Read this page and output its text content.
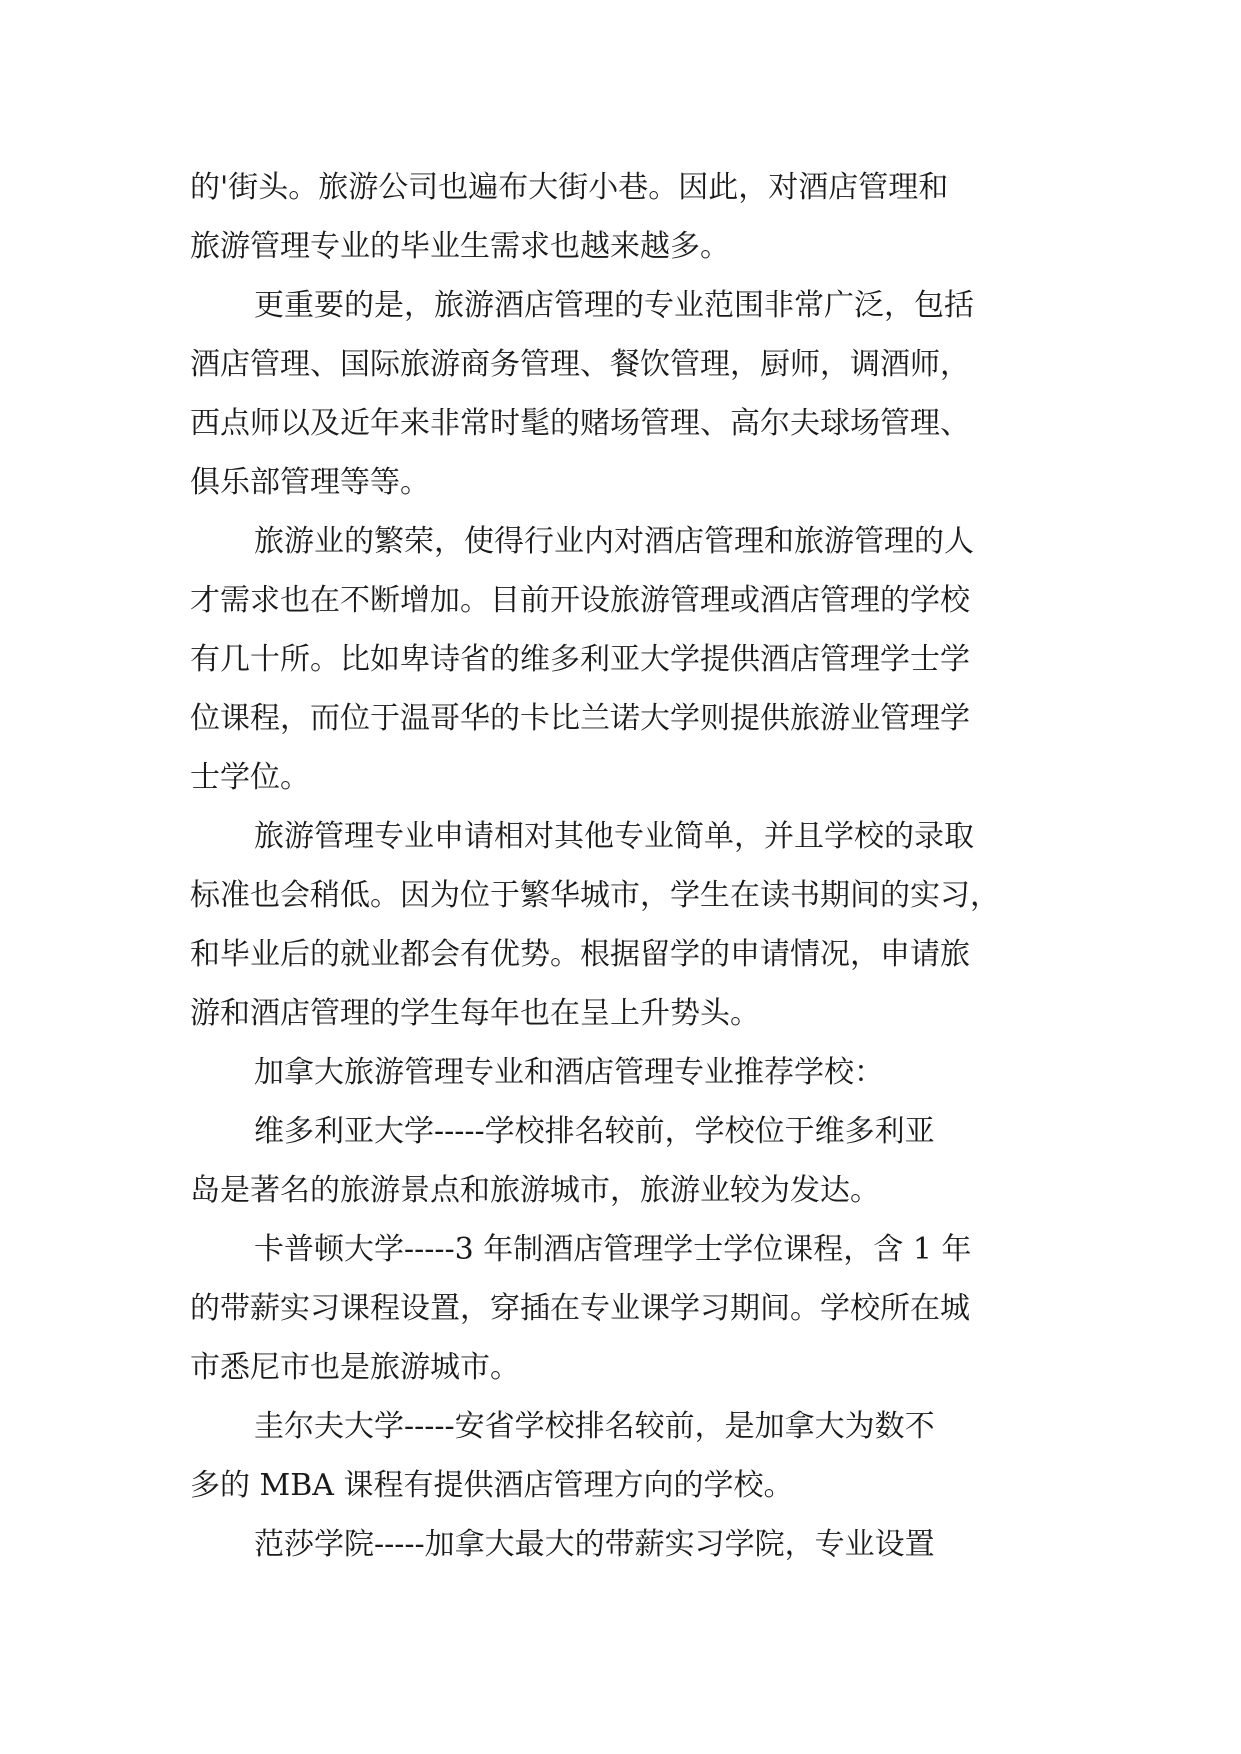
的'街头。旅游公司也遍布大街小巷。因此，对酒店管理和
旅游管理专业的毕业生需求也越来越多。
更重要的是，旅游酒店管理的专业范围非常广泛，包括
酒店管理、国际旅游商务管理、餐饮管理，厨师，调酒师，
西点师以及近年来非常时髦的赌场管理、高尔夫球场管理、
俱乐部管理等等。
旅游业的繁荣，使得行业内对酒店管理和旅游管理的人
才需求也在不断增加。目前开设旅游管理或酒店管理的学校
有几十所。比如卑诗省的维多利亚大学提供酒店管理学士学
位课程，而位于温哥华的卡比兰诺大学则提供旅游业管理学
士学位。
旅游管理专业申请相对其他专业简单，并且学校的录取
标准也会稍低。因为位于繁华城市，学生在读书期间的实习，
和毕业后的就业都会有优势。根据留学的申请情况，申请旅
游和酒店管理的学生每年也在呈上升势头。
加拿大旅游管理专业和酒店管理专业推荐学校：
维多利亚大学-----学校排名较前，学校位于维多利亚
岛是著名的旅游景点和旅游城市，旅游业较为发达。
卡普顿大学-----3 年制酒店管理学士学位课程，含 1 年
的带薪实习课程设置，穿插在专业课学习期间。学校所在城
市悉尼市也是旅游城市。
圭尔夫大学-----安省学校排名较前，是加拿大为数不
多的 MBA 课程有提供酒店管理方向的学校。
范莎学院-----加拿大最大的带薪实习学院，专业设置
